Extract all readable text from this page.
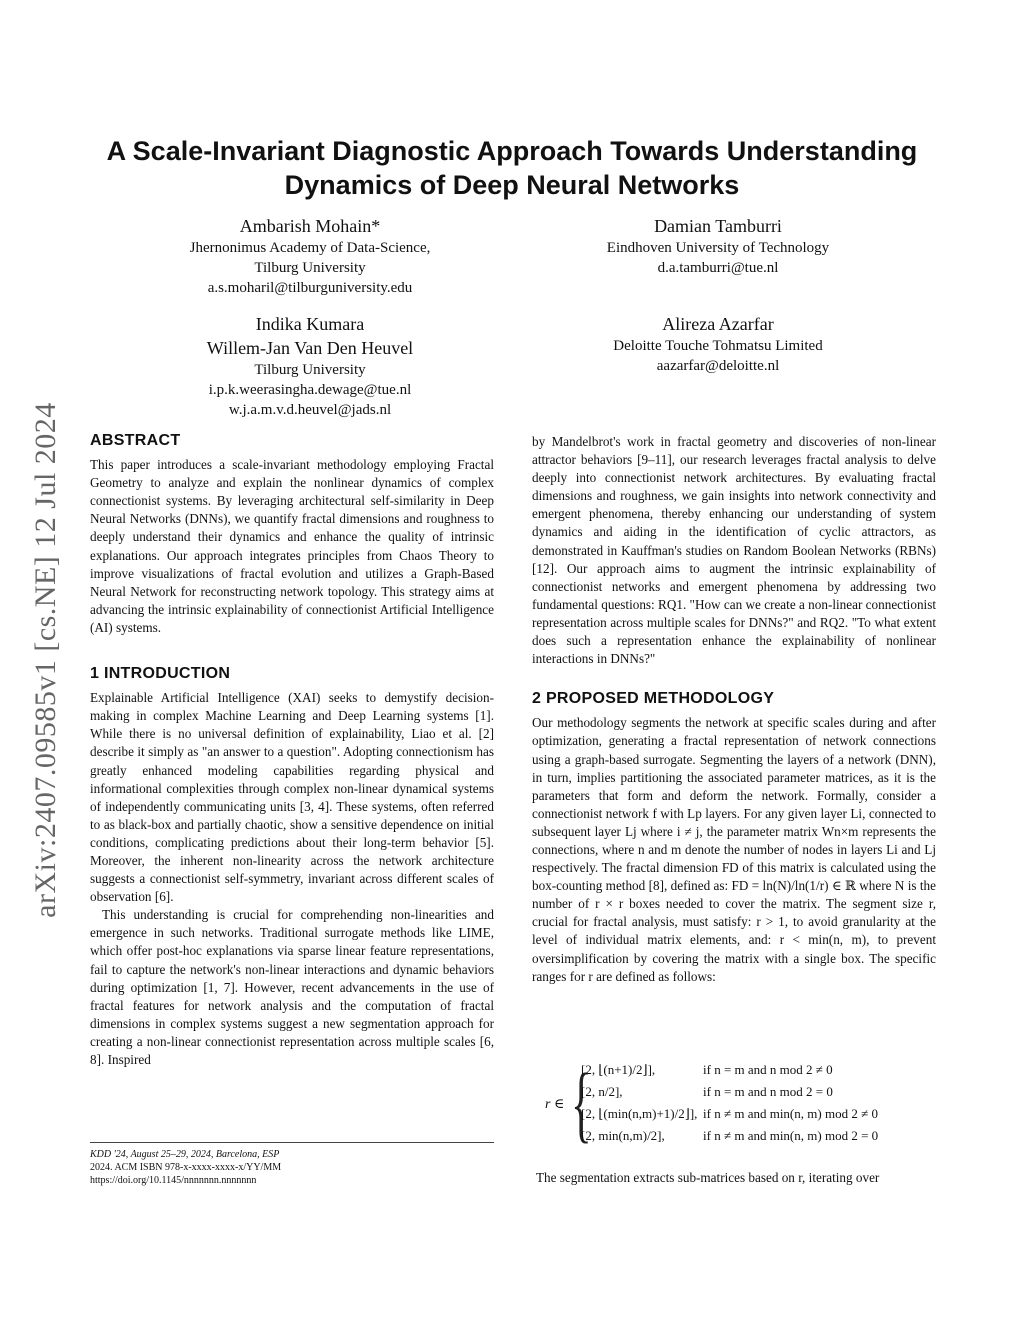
arXiv:2407.09585v1 [cs.NE] 12 Jul 2024
A Scale-Invariant Diagnostic Approach Towards Understanding Dynamics of Deep Neural Networks

Ambarish Mohain*

Jhernonimus Academy of Data-Science,

Tilburg University

a.s.moharil@tilburguniversity.edu

Damian Tamburri

Eindhoven University of Technology

d.a.tamburri@tue.nl

Indika Kumara

Willem-Jan Van Den Heuvel

Tilburg University

i.p.k.weerasingha.dewage@tue.nl

w.j.a.m.v.d.heuvel@jads.nl

Alireza Azarfar

Deloitte Touche Tohmatsu Limited

aazarfar@deloitte.nl

ABSTRACT

This paper introduces a scale-invariant methodology employing Fractal Geometry to analyze and explain the nonlinear dynamics of complex connectionist systems. By leveraging architectural self-similarity in Deep Neural Networks (DNNs), we quantify fractal dimensions and roughness to deeply understand their dynamics and enhance the quality of intrinsic explanations. Our approach integrates principles from Chaos Theory to improve visualizations of fractal evolution and utilizes a Graph-Based Neural Network for reconstructing network topology. This strategy aims at advancing the intrinsic explainability of connectionist Artificial Intelligence (AI) systems.

1 INTRODUCTION

Explainable Artificial Intelligence (XAI) seeks to demystify decision-making in complex Machine Learning and Deep Learning systems [1]. While there is no universal definition of explainability, Liao et al. [2] describe it simply as "an answer to a question". Adopting connectionism has greatly enhanced modeling capabilities regarding physical and informational complexities through complex non-linear dynamical systems of independently communicating units [3, 4]. These systems, often referred to as black-box and partially chaotic, show a sensitive dependence on initial conditions, complicating predictions about their long-term behavior [5]. Moreover, the inherent non-linearity across the network architecture suggests a connectionist self-symmetry, invariant across different scales of observation [6].

This understanding is crucial for comprehending non-linearities and emergence in such networks. Traditional surrogate methods like LIME, which offer post-hoc explanations via sparse linear feature representations, fail to capture the network's non-linear interactions and dynamic behaviors during optimization [1, 7]. However, recent advancements in the use of fractal features for network analysis and the computation of fractal dimensions in complex systems suggest a new segmentation approach for creating a non-linear connectionist representation across multiple scales [6, 8]. Inspired

by Mandelbrot's work in fractal geometry and discoveries of non-linear attractor behaviors [9–11], our research leverages fractal analysis to delve deeply into connectionist network architectures. By evaluating fractal dimensions and roughness, we gain insights into network connectivity and emergent phenomena, thereby enhancing our understanding of system dynamics and aiding in the identification of cyclic attractors, as demonstrated in Kauffman's studies on Random Boolean Networks (RBNs) [12]. Our approach aims to augment the intrinsic explainability of connectionist networks and emergent phenomena by addressing two fundamental questions: RQ1. "How can we create a non-linear connectionist representation across multiple scales for DNNs?" and RQ2. "To what extent does such a representation enhance the explainability of nonlinear interactions in DNNs?"

2 PROPOSED METHODOLOGY

Our methodology segments the network at specific scales during and after optimization, generating a fractal representation of network connections using a graph-based surrogate. Segmenting the layers of a network (DNN), in turn, implies partitioning the associated parameter matrices, as it is the parameters that form and deform the network. Formally, consider a connectionist network f with Lp layers. For any given layer Li, connected to subsequent layer Lj where i ≠ j, the parameter matrix Wn×m represents the connections, where n and m denote the number of nodes in layers Li and Lj respectively. The fractal dimension FD of this matrix is calculated using the box-counting method [8], defined as: FD = ln(N)/ln(1/r) ∈ ℝ where N is the number of r × r boxes needed to cover the matrix. The segment size r, crucial for fractal analysis, must satisfy: r > 1, to avoid granularity at the level of individual matrix elements, and: r < min(n, m), to prevent oversimplification by covering the matrix with a single box. The specific ranges for r are defined as follows:

r ∈ {
[2, ⌊(n+1)/2⌋],	if n = m and n mod 2 ≠ 0
[2, n/2],	if n = m and n mod 2 = 0
[2, ⌊(min(n,m)+1)/2⌋], if n ≠ m and min(n, m) mod 2 ≠ 0
[2, min(n,m)/2],	if n ≠ m and min(n, m) mod 2 = 0
The segmentation extracts sub-matrices based on r, iterating over

KDD '24, August 25–29, 2024, Barcelona, ESP

2024. ACM ISBN 978-x-xxxx-xxxx-x/YY/MM

https://doi.org/10.1145/nnnnnnn.nnnnnnn
